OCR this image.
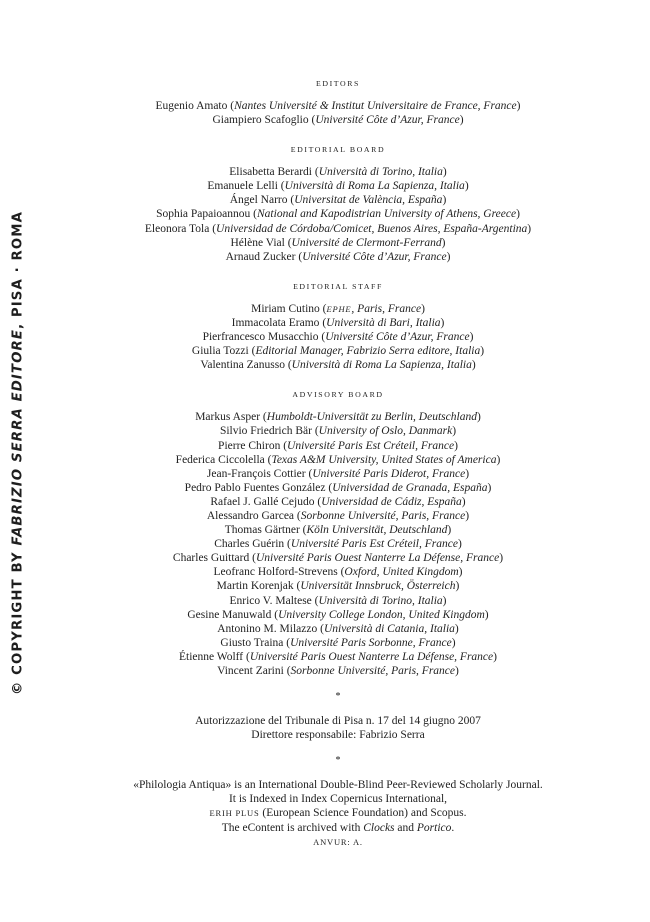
© COPYRIGHT BY FABRIZIO SERRA EDITORE, PISA · ROMA
EDITORS
Eugenio Amato (Nantes Université & Institut Universitaire de France, France)
Giampiero Scafoglio (Université Côte d’Azur, France)
EDITORIAL BOARD
Elisabetta Berardi (Università di Torino, Italia)
Emanuele Lelli (Università di Roma La Sapienza, Italia)
Ángel Narro (Universitat de València, España)
Sophia Papaioannou (National and Kapodistrian University of Athens, Greece)
Eleonora Tola (Universidad de Córdoba/Comicet, Buenos Aires, España-Argentina)
Hélène Vial (Université de Clermont-Ferrand)
Arnaud Zucker (Université Côte d’Azur, France)
EDITORIAL STAFF
Miriam Cutino (EPHE, Paris, France)
Immacolata Eramo (Università di Bari, Italia)
Pierfrancesco Musacchio (Université Côte d’Azur, France)
Giulia Tozzi (Editorial Manager, Fabrizio Serra editore, Italia)
Valentina Zanusso (Università di Roma La Sapienza, Italia)
ADVISORY BOARD
Markus Asper (Humboldt-Universität zu Berlin, Deutschland)
Silvio Friedrich Bär (University of Oslo, Danmark)
Pierre Chiron (Université Paris Est Créteil, France)
Federica Ciccolella (Texas A&M University, United States of America)
Jean-François Cottier (Université Paris Diderot, France)
Pedro Pablo Fuentes González (Universidad de Granada, España)
Rafael J. Gallé Cejudo (Universidad de Cádiz, España)
Alessandro Garcea (Sorbonne Université, Paris, France)
Thomas Gärtner (Köln Universität, Deutschland)
Charles Guérin (Université Paris Est Créteil, France)
Charles Guittard (Université Paris Ouest Nanterre La Défense, France)
Leofranc Holford-Strevens (Oxford, United Kingdom)
Martin Korenjak (Universität Innsbruck, Österreich)
Enrico V. Maltese (Università di Torino, Italia)
Gesine Manuwald (University College London, United Kingdom)
Antonino M. Milazzo (Università di Catania, Italia)
Giusto Traina (Université Paris Sorbonne, France)
Étienne Wolff (Université Paris Ouest Nanterre La Défense, France)
Vincent Zarini (Sorbonne Université, Paris, France)
*
Autorizzazione del Tribunale di Pisa n. 17 del 14 giugno 2007
Direttore responsabile: Fabrizio Serra
*
«Philologia Antiqua» is an International Double-Blind Peer-Reviewed Scholarly Journal.
It is Indexed in Index Copernicus International,
ERIH PLUS (European Science Foundation) and Scopus.
The eContent is archived with Clocks and Portico.
ANVUR: A.
